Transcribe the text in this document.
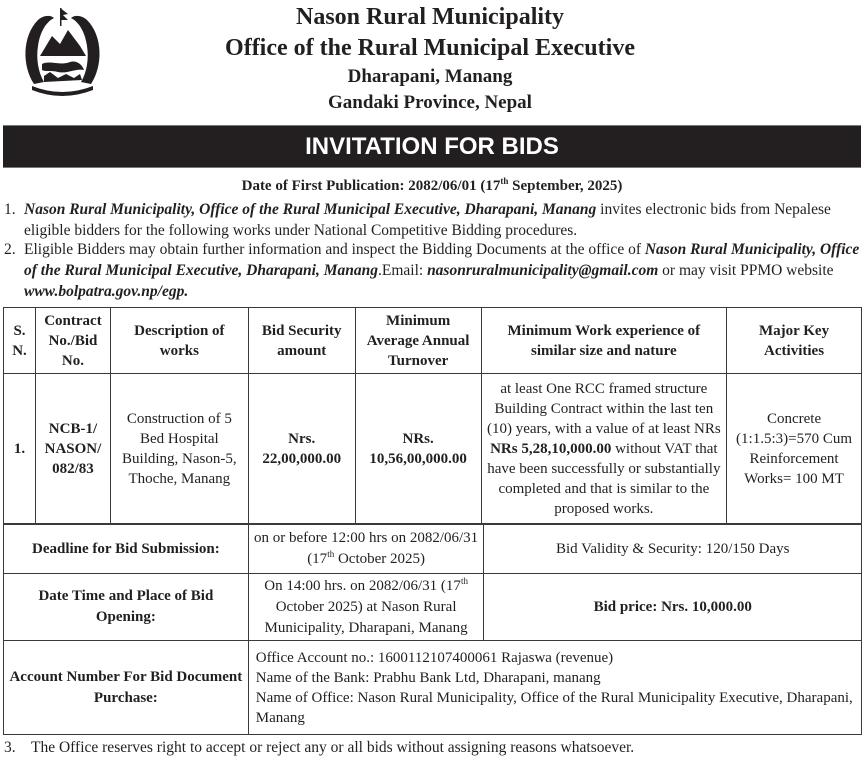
Nason Rural Municipality
Office of the Rural Municipal Executive
Dharapani, Manang
Gandaki Province, Nepal
INVITATION FOR BIDS
Date of First Publication: 2082/06/01 (17th September, 2025)
1. Nason Rural Municipality, Office of the Rural Municipal Executive, Dharapani, Manang invites electronic bids from Nepalese eligible bidders for the following works under National Competitive Bidding procedures.
2. Eligible Bidders may obtain further information and inspect the Bidding Documents at the office of Nason Rural Municipality, Office of the Rural Municipal Executive, Dharapani, Manang.Email: nasonruralmunicipality@gmail.com or may visit PPMO website www.bolpatra.gov.np/egp.
S. N.	Contract No./Bid No.	Description of works	Bid Security amount	Minimum Average Annual Turnover	Minimum Work experience of similar size and nature	Major Key Activities
1.	NCB-1/ NASON/ 082/83	Construction of 5 Bed Hospital Building, Nason-5, Thoche, Manang	Nrs.
22,00,000.00	NRs.
10,56,00,000.00	at least One RCC framed structure Building Contract within the last ten (10) years, with a value of at least NRs NRs 5,28,10,000.00 without VAT that have been successfully or substantially completed and that is similar to the proposed works.	Concrete (1:1.5:3)=570 Cum Reinforcement Works= 100 MT
Deadline for Bid Submission:	on or before 12:00 hrs on 2082/06/31 (17th October 2025)	Bid Validity & Security: 120/150 Days
Date Time and Place of Bid Opening:	On 14:00 hrs. on 2082/06/31 (17th October 2025) at Nason Rural Municipality, Dharapani, Manang	Bid price: Nrs. 10,000.00
Account Number For Bid Document Purchase:	Office Account no.: 1600112107400061 Rajaswa (revenue)
Name of the Bank: Prabhu Bank Ltd, Dharapani, manang
Name of Office: Nason Rural Municipality, Office of the Rural Municipality Executive, Dharapani, Manang	
3. The Office reserves right to accept or reject any or all bids without assigning reasons whatsoever.
